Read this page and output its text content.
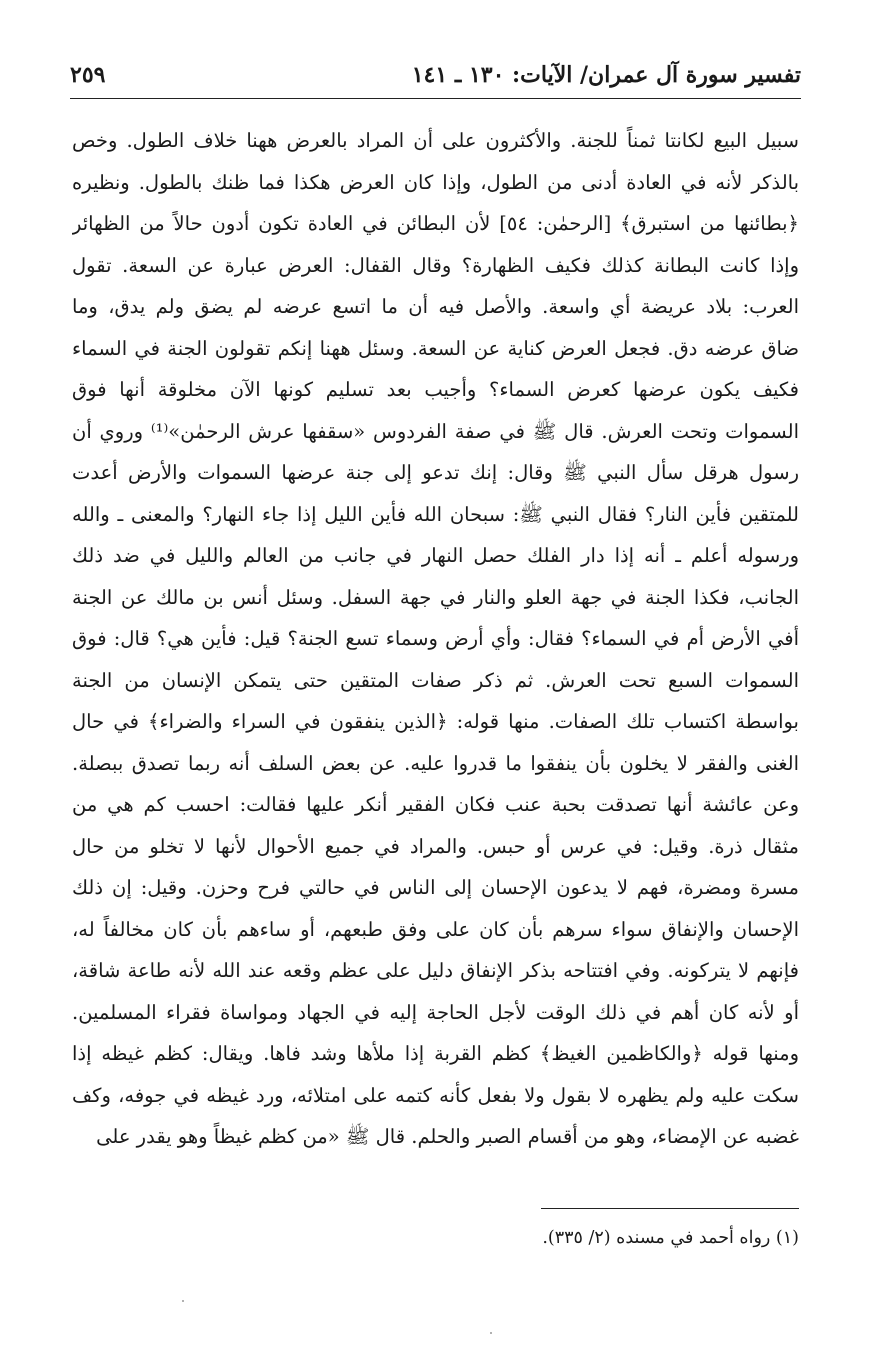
تفسير سورة آل عمران/ الآيات: ١٣٠ ـ ١٤١
٢٥٩
سبيل البيع لكانتا ثمناً للجنة. والأكثرون على أن المراد بالعرض ههنا خلاف الطول. وخص
بالذكر لأنه في العادة أدنى من الطول، وإذا كان العرض هكذا فما ظنك بالطول. ونظيره
﴿بطائنها من استبرق﴾ [الرحمٰن: ٥٤] لأن البطائن في العادة تكون أدون حالاً من الظهائر
وإذا كانت البطانة كذلك فكيف الظهارة؟ وقال القفال: العرض عبارة عن السعة. تقول
العرب: بلاد عريضة أي واسعة. والأصل فيه أن ما اتسع عرضه لم يضق ولم يدق، وما
ضاق عرضه دق. فجعل العرض كناية عن السعة. وسئل ههنا إنكم تقولون الجنة في السماء
فكيف يكون عرضها كعرض السماء؟ وأجيب بعد تسليم كونها الآن مخلوقة أنها فوق
السموات وتحت العرش. قال ﷺ في صفة الفردوس «سقفها عرش الرحمٰن»⁽¹⁾ وروي أن
رسول هرقل سأل النبي ﷺ وقال: إنك تدعو إلى جنة عرضها السموات والأرض أعدت
للمتقين فأين النار؟ فقال النبي ﷺ: سبحان الله فأين الليل إذا جاء النهار؟ والمعنى ـ والله
ورسوله أعلم ـ أنه إذا دار الفلك حصل النهار في جانب من العالم والليل في ضد ذلك
الجانب، فكذا الجنة في جهة العلو والنار في جهة السفل. وسئل أنس بن مالك عن الجنة
أفي الأرض أم في السماء؟ فقال: وأي أرض وسماء تسع الجنة؟ قيل: فأين هي؟ قال: فوق
السموات السبع تحت العرش. ثم ذكر صفات المتقين حتى يتمكن الإنسان من الجنة
بواسطة اكتساب تلك الصفات. منها قوله: ﴿الذين ينفقون في السراء والضراء﴾ في حال
الغنى والفقر لا يخلون بأن ينفقوا ما قدروا عليه. عن بعض السلف أنه ربما تصدق ببصلة.
وعن عائشة أنها تصدقت بحبة عنب فكان الفقير أنكر عليها فقالت: احسب كم هي من
مثقال ذرة. وقيل: في عرس أو حبس. والمراد في جميع الأحوال لأنها لا تخلو من حال
مسرة ومضرة، فهم لا يدعون الإحسان إلى الناس في حالتي فرح وحزن. وقيل: إن ذلك
الإحسان والإنفاق سواء سرهم بأن كان على وفق طبعهم، أو ساءهم بأن كان مخالفاً له،
فإنهم لا يتركونه. وفي افتتاحه بذكر الإنفاق دليل على عظم وقعه عند الله لأنه طاعة شاقة،
أو لأنه كان أهم في ذلك الوقت لأجل الحاجة إليه في الجهاد ومواساة فقراء المسلمين.
ومنها قوله ﴿والكاظمين الغيظ﴾ كظم القربة إذا ملأها وشد فاها. ويقال: كظم غيظه إذا
سكت عليه ولم يظهره لا بقول ولا بفعل كأنه كتمه على امتلائه، ورد غيظه في جوفه، وكف
غضبه عن الإمضاء، وهو من أقسام الصبر والحلم. قال ﷺ «من كظم غيظاً وهو يقدر على
(١) رواه أحمد في مسنده (٢/ ٣٣٥).
